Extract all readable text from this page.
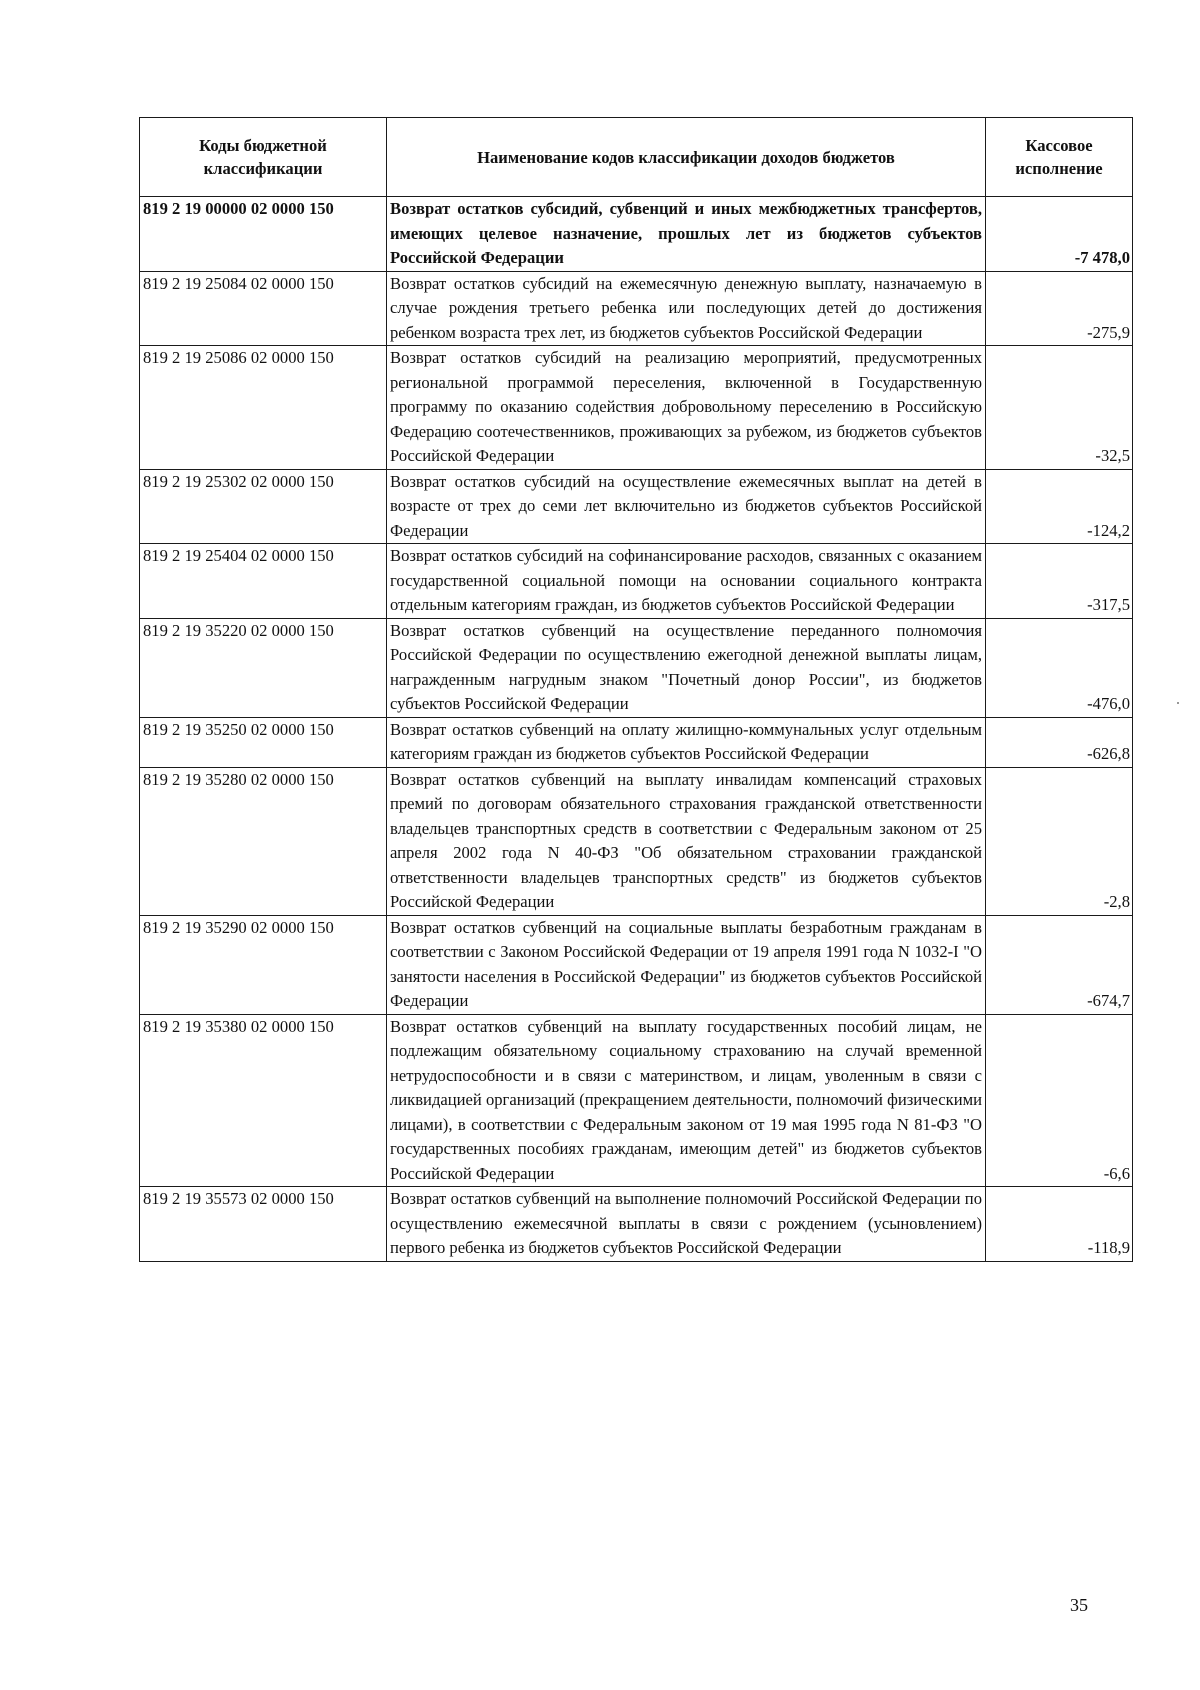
Коды бюджетной классификации	Наименование кодов классификации доходов бюджетов	Кассовое исполнение
819 2 19 00000 02 0000 150	Возврат остатков субсидий, субвенций и иных межбюджетных трансфертов, имеющих целевое назначение, прошлых лет из бюджетов субъектов Российской Федерации	-7 478,0
819 2 19 25084 02 0000 150	Возврат остатков субсидий на ежемесячную денежную выплату, назначаемую в случае рождения третьего ребенка или последующих детей до достижения ребенком возраста трех лет, из бюджетов субъектов Российской Федерации	-275,9
819 2 19 25086 02 0000 150	Возврат остатков субсидий на реализацию мероприятий, предусмотренных региональной программой переселения, включенной в Государственную программу по оказанию содействия добровольному переселению в Российскую Федерацию соотечественников, проживающих за рубежом, из бюджетов субъектов Российской Федерации	-32,5
819 2 19 25302 02 0000 150	Возврат остатков субсидий на осуществление ежемесячных выплат на детей в возрасте от трех до семи лет включительно из бюджетов субъектов Российской Федерации	-124,2
819 2 19 25404 02 0000 150	Возврат остатков субсидий на софинансирование расходов, связанных с оказанием государственной социальной помощи на основании социального контракта отдельным категориям граждан, из бюджетов субъектов Российской Федерации	-317,5
819 2 19 35220 02 0000 150	Возврат остатков субвенций на осуществление переданного полномочия Российской Федерации по осуществлению ежегодной денежной выплаты лицам, награжденным нагрудным знаком "Почетный донор России", из бюджетов субъектов Российской Федерации	-476,0
819 2 19 35250 02 0000 150	Возврат остатков субвенций на оплату жилищно-коммунальных услуг отдельным категориям граждан из бюджетов субъектов Российской Федерации	-626,8
819 2 19 35280 02 0000 150	Возврат остатков субвенций на выплату инвалидам компенсаций страховых премий по договорам обязательного страхования гражданской ответственности владельцев транспортных средств в соответствии с Федеральным законом от 25 апреля 2002 года N 40-ФЗ "Об обязательном страховании гражданской ответственности владельцев транспортных средств" из бюджетов субъектов Российской Федерации	-2,8
819 2 19 35290 02 0000 150	Возврат остатков субвенций на социальные выплаты безработным гражданам в соответствии с Законом Российской Федерации от 19 апреля 1991 года N 1032-I "О занятости населения в Российской Федерации" из бюджетов субъектов Российской Федерации	-674,7
819 2 19 35380 02 0000 150	Возврат остатков субвенций на выплату государственных пособий лицам, не подлежащим обязательному социальному страхованию на случай временной нетрудоспособности и в связи с материнством, и лицам, уволенным в связи с ликвидацией организаций (прекращением деятельности, полномочий физическими лицами), в соответствии с Федеральным законом от 19 мая 1995 года N 81-ФЗ "О государственных пособиях гражданам, имеющим детей" из бюджетов субъектов Российской Федерации	-6,6
819 2 19 35573 02 0000 150	Возврат остатков субвенций на выполнение полномочий Российской Федерации по осуществлению ежемесячной выплаты в связи с рождением (усыновлением) первого ребенка из бюджетов субъектов Российской Федерации	-118,9
35
